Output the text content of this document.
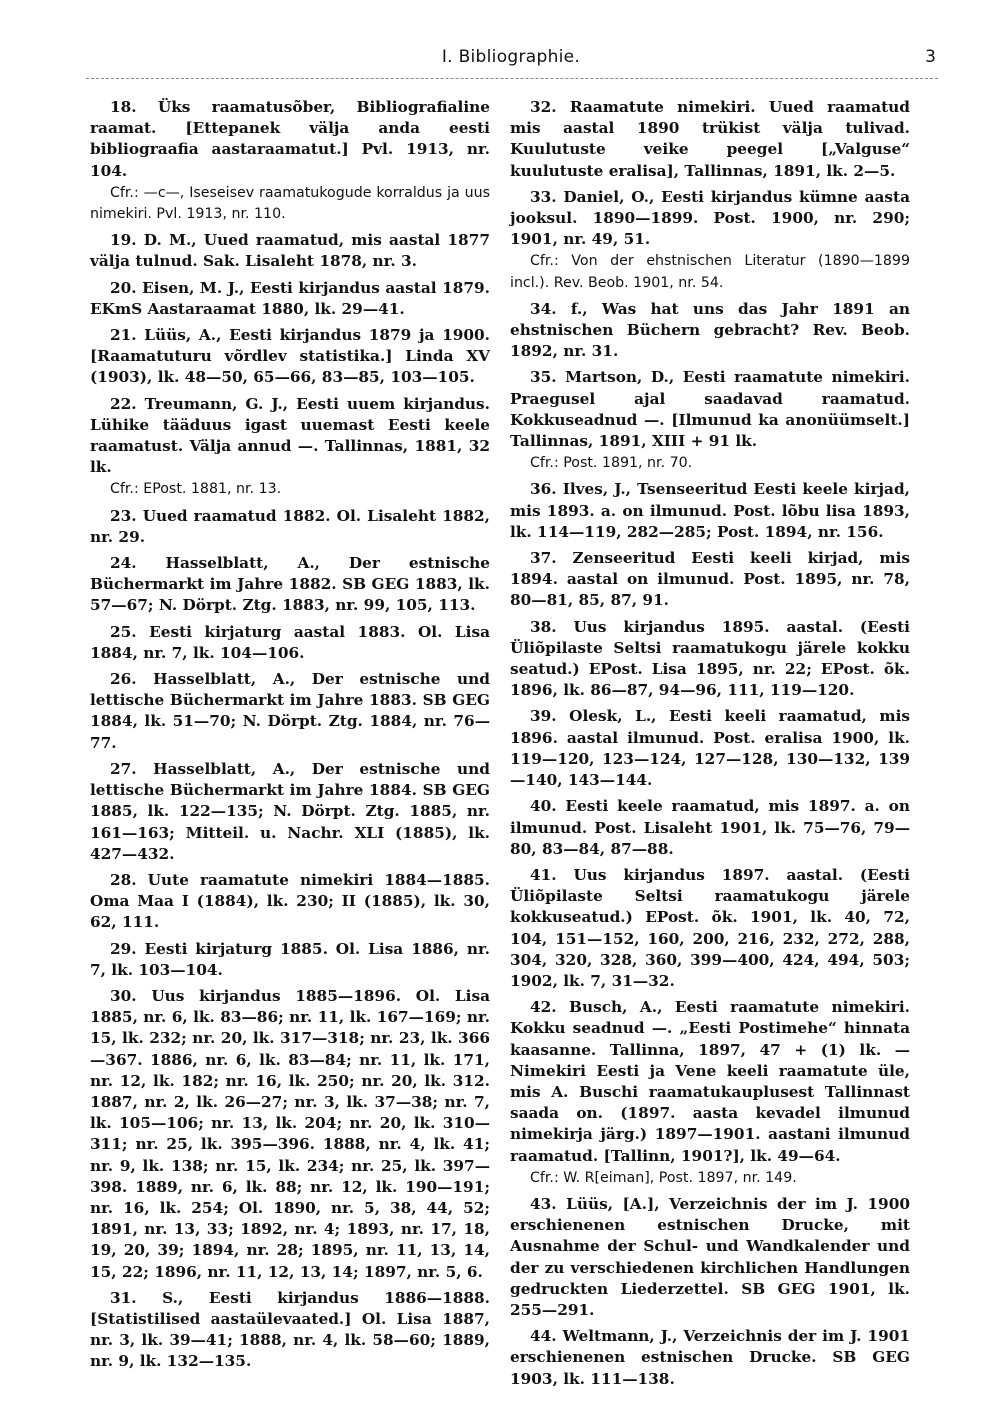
I. Bibliographie.	3

18. Üks raamatusõber, Bibliografialine raamat. [Ettepanek välja anda eesti bibliograafia aastaraamatut.] Pvl. 1913, nr. 104.

Cfr.: —c—, Iseseisev raamatukogude korraldus ja uus nimekiri. Pvl. 1913, nr. 110.

19. D. M., Uued raamatud, mis aastal 1877 välja tulnud. Sak. Lisaleht 1878, nr. 3.

20. Eisen, M. J., Eesti kirjandus aastal 1879. EKmS Aastaraamat 1880, lk. 29—41.

21. Lüüs, A., Eesti kirjandus 1879 ja 1900. [Raamatuturu võrdlev statistika.] Linda XV (1903), lk. 48—50, 65—66, 83—85, 103—105.

22. Treumann, G. J., Eesti uuem kirjandus. Lühike tääduus igast uuemast Eesti keele raamatust. Välja annud —. Tallinnas, 1881, 32 lk.

Cfr.: EPost. 1881, nr. 13.

23. Uued raamatud 1882. Ol. Lisaleht 1882, nr. 29.

24. Hasselblatt, A., Der estnische Büchermarkt im Jahre 1882. SB GEG 1883, lk. 57—67; N. Dörpt. Ztg. 1883, nr. 99, 105, 113.

25. Eesti kirjaturg aastal 1883. Ol. Lisa 1884, nr. 7, lk. 104—106.

26. Hasselblatt, A., Der estnische und lettische Büchermarkt im Jahre 1883. SB GEG 1884, lk. 51—70; N. Dörpt. Ztg. 1884, nr. 76—77.

27. Hasselblatt, A., Der estnische und lettische Büchermarkt im Jahre 1884. SB GEG 1885, lk. 122—135; N. Dörpt. Ztg. 1885, nr. 161—163; Mitteil. u. Nachr. XLI (1885), lk. 427—432.

28. Uute raamatute nimekiri 1884—1885. Oma Maa I (1884), lk. 230; II (1885), lk. 30, 62, 111.

29. Eesti kirjaturg 1885. Ol. Lisa 1886, nr. 7, lk. 103—104.

30. Uus kirjandus 1885—1896. Ol. Lisa 1885, nr. 6, lk. 83—86; nr. 11, lk. 167—169; nr. 15, lk. 232; nr. 20, lk. 317—318; nr. 23, lk. 366—367. 1886, nr. 6, lk. 83—84; nr. 11, lk. 171, nr. 12, lk. 182; nr. 16, lk. 250; nr. 20, lk. 312. 1887, nr. 2, lk. 26—27; nr. 3, lk. 37—38; nr. 7, lk. 105—106; nr. 13, lk. 204; nr. 20, lk. 310—311; nr. 25, lk. 395—396. 1888, nr. 4, lk. 41; nr. 9, lk. 138; nr. 15, lk. 234; nr. 25, lk. 397—398. 1889, nr. 6, lk. 88; nr. 12, lk. 190—191; nr. 16, lk. 254; Ol. 1890, nr. 5, 38, 44, 52; 1891, nr. 13, 33; 1892, nr. 4; 1893, nr. 17, 18, 19, 20, 39; 1894, nr. 28; 1895, nr. 11, 13, 14, 15, 22; 1896, nr. 11, 12, 13, 14; 1897, nr. 5, 6.

31. S., Eesti kirjandus 1886—1888. [Statistilised aastaülevaated.] Ol. Lisa 1887, nr. 3, lk. 39—41; 1888, nr. 4, lk. 58—60; 1889, nr. 9, lk. 132—135.

32. Raamatute nimekiri. Uued raamatud mis aastal 1890 trükist välja tulivad. Kuulutuste veike peegel [„Valguse“ kuulutuste eralisa], Tallinnas, 1891, lk. 2—5.

33. Daniel, O., Eesti kirjandus kümne aasta jooksul. 1890—1899. Post. 1900, nr. 290; 1901, nr. 49, 51.

Cfr.: Von der ehstnischen Literatur (1890—1899 incl.). Rev. Beob. 1901, nr. 54.

34. f., Was hat uns das Jahr 1891 an ehstnischen Büchern gebracht? Rev. Beob. 1892, nr. 31.

35. Martson, D., Eesti raamatute nimekiri. Praegusel ajal saadavad raamatud. Kokkuseadnud —. [Ilmunud ka anonüümselt.] Tallinnas, 1891, XIII + 91 lk.

Cfr.: Post. 1891, nr. 70.

36. Ilves, J., Tsenseeritud Eesti keele kirjad, mis 1893. a. on ilmunud. Post. lõbu lisa 1893, lk. 114—119, 282—285; Post. 1894, nr. 156.

37. Zenseeritud Eesti keeli kirjad, mis 1894. aastal on ilmunud. Post. 1895, nr. 78, 80—81, 85, 87, 91.

38. Uus kirjandus 1895. aastal. (Eesti Üliõpilaste Seltsi raamatukogu järele kokku seatud.) EPost. Lisa 1895, nr. 22; EPost. õk. 1896, lk. 86—87, 94—96, 111, 119—120.

39. Olesk, L., Eesti keeli raamatud, mis 1896. aastal ilmunud. Post. eralisa 1900, lk. 119—120, 123—124, 127—128, 130—132, 139—140, 143—144.

40. Eesti keele raamatud, mis 1897. a. on ilmunud. Post. Lisaleht 1901, lk. 75—76, 79—80, 83—84, 87—88.

41. Uus kirjandus 1897. aastal. (Eesti Üliõpilaste Seltsi raamatukogu järele kokkuseatud.) EPost. õk. 1901, lk. 40, 72, 104, 151—152, 160, 200, 216, 232, 272, 288, 304, 320, 328, 360, 399—400, 424, 494, 503; 1902, lk. 7, 31—32.

42. Busch, A., Eesti raamatute nimekiri. Kokku seadnud —. „Eesti Postimehe“ hinnata kaasanne. Tallinna, 1897, 47 + (1) lk. — Nimekiri Eesti ja Vene keeli raamatute üle, mis A. Buschi raamatukauplusest Tallinnast saada on. (1897. aasta kevadel ilmunud nimekirja järg.) 1897—1901. aastani ilmunud raamatud. [Tallinn, 1901?], lk. 49—64.

Cfr.: W. R[eiman], Post. 1897, nr. 149.

43. Lüüs, [A.], Verzeichnis der im J. 1900 erschienenen estnischen Drucke, mit Ausnahme der Schul- und Wandkalender und der zu verschiedenen kirchlichen Handlungen gedruckten Liederzettel. SB GEG 1901, lk. 255—291.

44. Weltmann, J., Verzeichnis der im J. 1901 erschienenen estnischen Drucke. SB GEG 1903, lk. 111—138.
